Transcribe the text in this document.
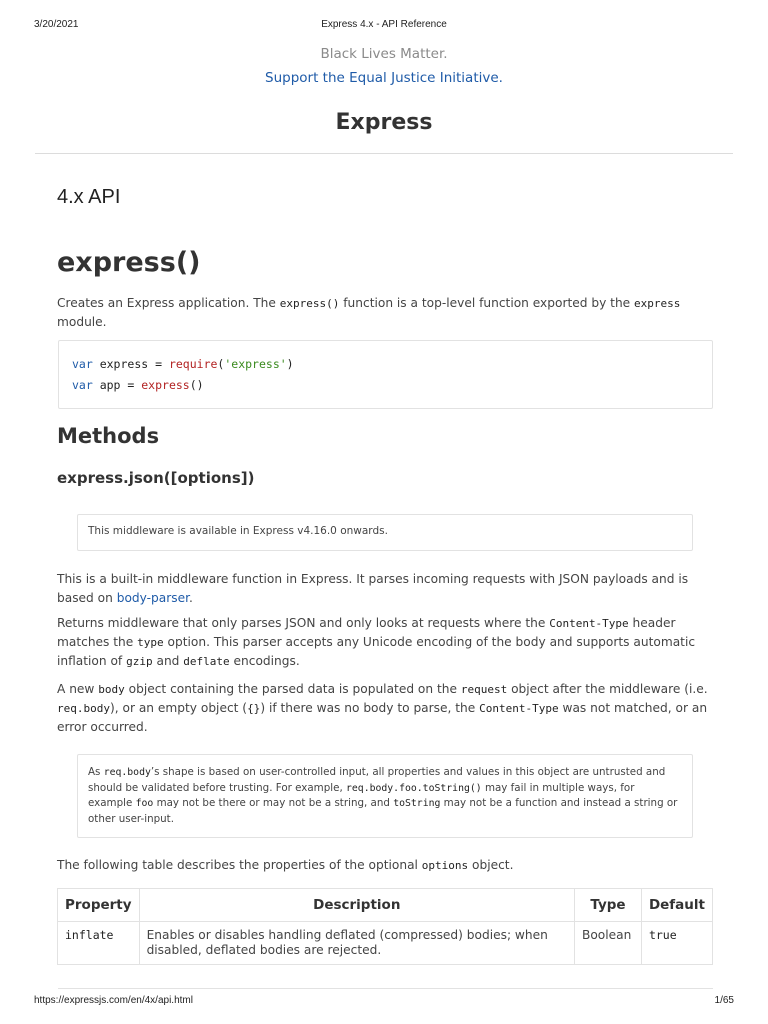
3/20/2021	Express 4.x - API Reference
Black Lives Matter.
Support the Equal Justice Initiative.
Express
4.x API
express()

Creates an Express application. The express() function is a top-level function exported by the express module.

var express = require('express')
var app = express()
Methods
express.json([options])
This middleware is available in Express v4.16.0 onwards.

This is a built-in middleware function in Express. It parses incoming requests with JSON payloads and is based on body-parser.

Returns middleware that only parses JSON and only looks at requests where the Content-Type header matches the type option. This parser accepts any Unicode encoding of the body and supports automatic inflation of gzip and deflate encodings.

A new body object containing the parsed data is populated on the request object after the middleware (i.e. req.body), or an empty object ({}) if there was no body to parse, the Content-Type was not matched, or an error occurred.

As req.body’s shape is based on user-controlled input, all properties and values in this object are untrusted and should be validated before trusting. For example, req.body.foo.toString() may fail in multiple ways, for example foo may not be there or may not be a string, and toString may not be a function and instead a string or other user-input.

The following table describes the properties of the optional options object.

Property	Description	Type	Default
inflate	Enables or disables handling deflated (compressed) bodies; when disabled, deflated bodies are rejected.	Boolean	true
https://expressjs.com/en/4x/api.html	1/65
